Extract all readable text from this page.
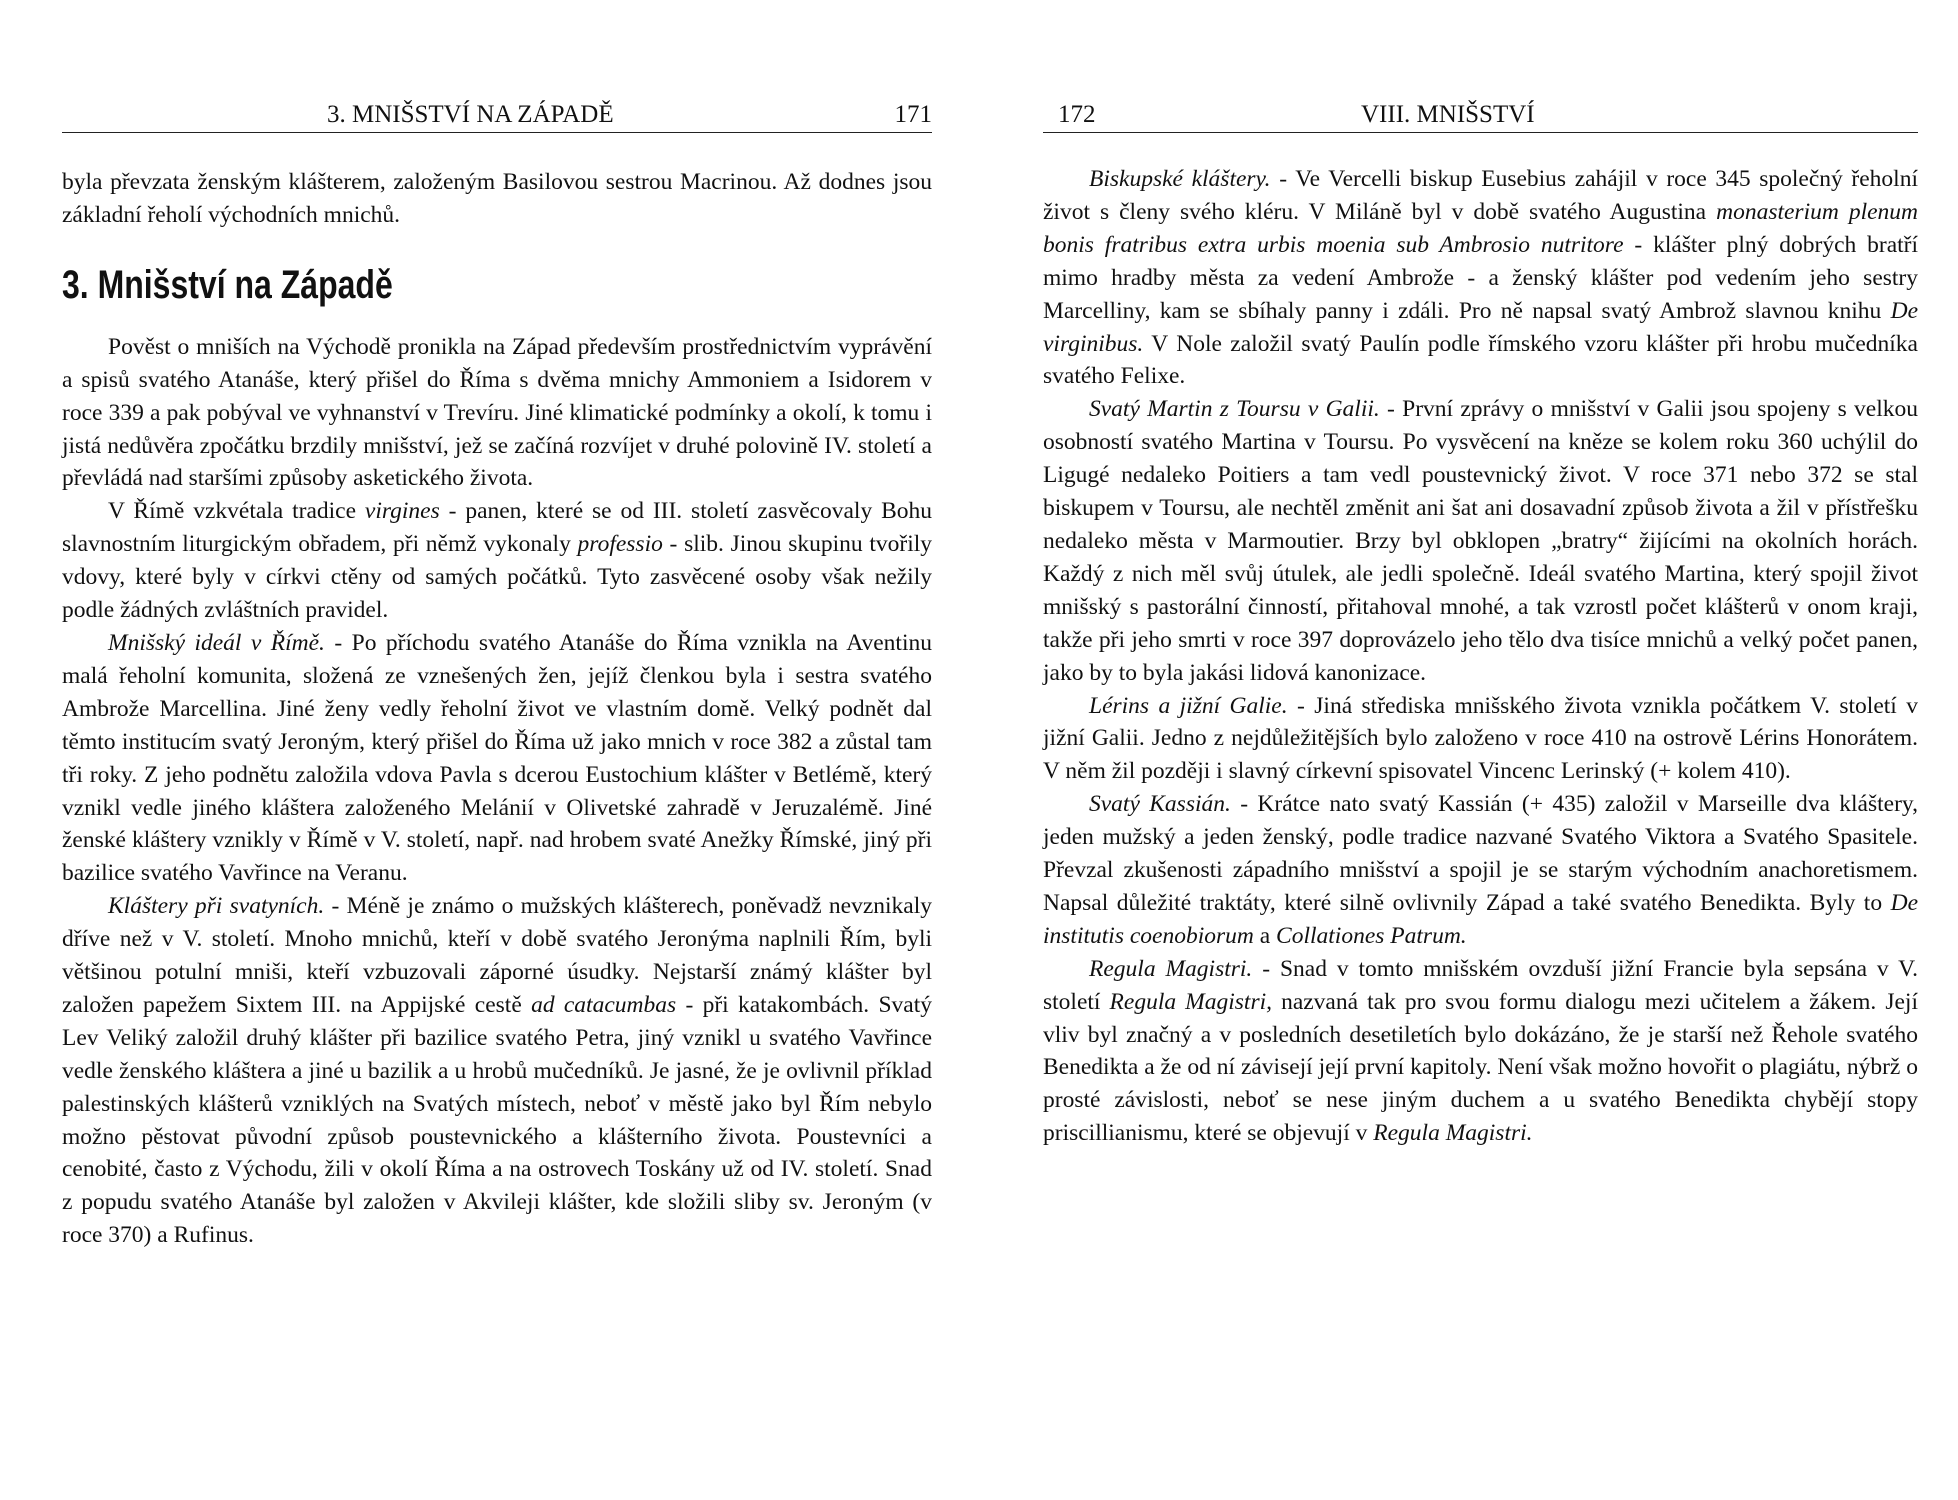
3. MNIŠSTVÍ NA ZÁPADĚ	171

byla převzata ženským klášterem, založeným Basilovou sestrou Macrinou. Až dodnes jsou základní řeholí východních mnichů.

3. Mnišství na Západě

Pověst o mniších na Východě pronikla na Západ především prostřednictvím vyprávění a spisů svatého Atanáše, který přišel do Říma s dvěma mnichy Ammoniem a Isidorem v roce 339 a pak pobýval ve vyhnanství v Trevíru. Jiné klimatické podmínky a okolí, k tomu i jistá nedůvěra zpočátku brzdily mnišství, jež se začíná rozvíjet v druhé polovině IV. století a převládá nad staršími způsoby asketického života.

V Římě vzkvétala tradice virgines - panen, které se od III. století zasvěcovaly Bohu slavnostním liturgickým obřadem, při němž vykonaly professio - slib. Jinou skupinu tvořily vdovy, které byly v církvi ctěny od samých počátků. Tyto zasvěcené osoby však nežily podle žádných zvláštních pravidel.

Mnišský ideál v Římě. - Po příchodu svatého Atanáše do Říma vznikla na Aventinu malá řeholní komunita, složená ze vznešených žen, jejíž členkou byla i sestra svatého Ambrože Marcellina. Jiné ženy vedly řeholní život ve vlastním domě. Velký podnět dal těmto institucím svatý Jeroným, který přišel do Říma už jako mnich v roce 382 a zůstal tam tři roky. Z jeho podnětu založila vdova Pavla s dcerou Eustochium klášter v Betlémě, který vznikl vedle jiného kláštera založeného Melánií v Olivetské zahradě v Jeruzalémě. Jiné ženské kláštery vznikly v Římě v V. století, např. nad hrobem svaté Anežky Římské, jiný při bazilice svatého Vavřince na Veranu.

Kláštery při svatyních. - Méně je známo o mužských klášterech, poněvadž nevznikaly dříve než v V. století. Mnoho mnichů, kteří v době svatého Jeronýma naplnili Řím, byli většinou potulní mniši, kteří vzbuzovali záporné úsudky. Nejstarší známý klášter byl založen papežem Sixtem III. na Appijské cestě ad catacumbas - při katakombách. Svatý Lev Veliký založil druhý klášter při bazilice svatého Petra, jiný vznikl u svatého Vavřince vedle ženského kláštera a jiné u bazilik a u hrobů mučedníků. Je jasné, že je ovlivnil příklad palestinských klášterů vzniklých na Svatých místech, neboť v městě jako byl Řím nebylo možno pěstovat původní způsob poustevnického a klášterního života. Poustevníci a cenobité, často z Východu, žili v okolí Říma a na ostrovech Toskány už od IV. století. Snad z popudu svatého Atanáše byl založen v Akvileji klášter, kde složili sliby sv. Jeroným (v roce 370) a Rufinus.

172	VIII. MNIŠSTVÍ

Biskupské kláštery. - Ve Vercelli biskup Eusebius zahájil v roce 345 společný řeholní život s členy svého kléru. V Miláně byl v době svatého Augustina monasterium plenum bonis fratribus extra urbis moenia sub Ambrosio nutritore - klášter plný dobrých bratří mimo hradby města za vedení Ambrože - a ženský klášter pod vedením jeho sestry Marcelliny, kam se sbíhaly panny i zdáli. Pro ně napsal svatý Ambrož slavnou knihu De virginibus. V Nole založil svatý Paulín podle římského vzoru klášter při hrobu mučedníka svatého Felixe.

Svatý Martin z Toursu v Galii. - První zprávy o mnišství v Galii jsou spojeny s velkou osobností svatého Martina v Toursu. Po vysvěcení na kněze se kolem roku 360 uchýlil do Ligugé nedaleko Poitiers a tam vedl poustevnický život. V roce 371 nebo 372 se stal biskupem v Toursu, ale nechtěl změnit ani šat ani dosavadní způsob života a žil v přístřešku nedaleko města v Marmoutier. Brzy byl obklopen „bratry“ žijícími na okolních horách. Každý z nich měl svůj útulek, ale jedli společně. Ideál svatého Martina, který spojil život mnišský s pastorální činností, přitahoval mnohé, a tak vzrostl počet klášterů v onom kraji, takže při jeho smrti v roce 397 doprovázelo jeho tělo dva tisíce mnichů a velký počet panen, jako by to byla jakási lidová kanonizace.

Lérins a jižní Galie. - Jiná střediska mnišského života vznikla počátkem V. století v jižní Galii. Jedno z nejdůležitějších bylo založeno v roce 410 na ostrově Lérins Honorátem. V něm žil později i slavný církevní spisovatel Vincenc Lerinský (+ kolem 410).

Svatý Kassián. - Krátce nato svatý Kassián (+ 435) založil v Marseille dva kláštery, jeden mužský a jeden ženský, podle tradice nazvané Svatého Viktora a Svatého Spasitele. Převzal zkušenosti západního mnišství a spojil je se starým východním anachoretismem. Napsal důležité traktáty, které silně ovlivnily Západ a také svatého Benedikta. Byly to De institutis coenobiorum a Collationes Patrum.

Regula Magistri. - Snad v tomto mnišském ovzduší jižní Francie byla sepsána v V. století Regula Magistri, nazvaná tak pro svou formu dialogu mezi učitelem a žákem. Její vliv byl značný a v posledních desetiletích bylo dokázáno, že je starší než Řehole svatého Benedikta a že od ní závisejí její první kapitoly. Není však možno hovořit o plagiátu, nýbrž o prosté závislosti, neboť se nese jiným duchem a u svatého Benedikta chybějí stopy priscillianismu, které se objevují v Regula Magistri.
